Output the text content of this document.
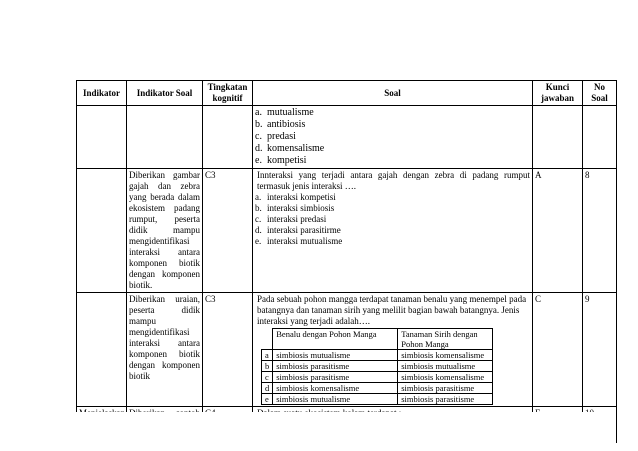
Indikator	Indikator Soal	Tingkatan kognitif	Soal	Kunci jawaban	No Soal

a. mutualisme
b. antibiosis
c. predasi
d. komensalisme
e. kompetisi

	Diberikan gambar gajah dan zebra yang berada dalam ekosistem padang rumput, peserta didik mampu mengidentifikasi interaksi antara komponen biotik dengan komponen biotik.	C3	Innteraksi yang terjadi antara gajah dengan zebra di padang rumput termasuk jenis interaksi ….
a. interaksi kompetisi
b. interaksi simbiosis
c. interaksi predasi
d. interaksi parasitirme
e. interaksi mutualisme
	A	8
	Diberikan uraian, peserta didik mampu mengidentifikasi interaksi antara komponen biotik dengan komponen biotik	C3	Pada sebuah pohon mangga terdapat tanaman benalu yang menempel pada batangnya dan tanaman sirih yang melilit bagian bawah batangnya. Jenis interaksi yang terjadi adalah….
	Benalu dengan Pohon Manga	Tanaman Sirih dengan Pohon Manga
a	simbiosis mutualisme	simbiosis komensalisme
b	simbiosis parasitisme	simbiosis mutualisme
c	simbiosis parasitisme	simbiosis komensalisme
d	simbiosis komensalisme	simbiosis parasitisme
e	simbiosis mutualisme	simbiosis parasitisme
	C	9
